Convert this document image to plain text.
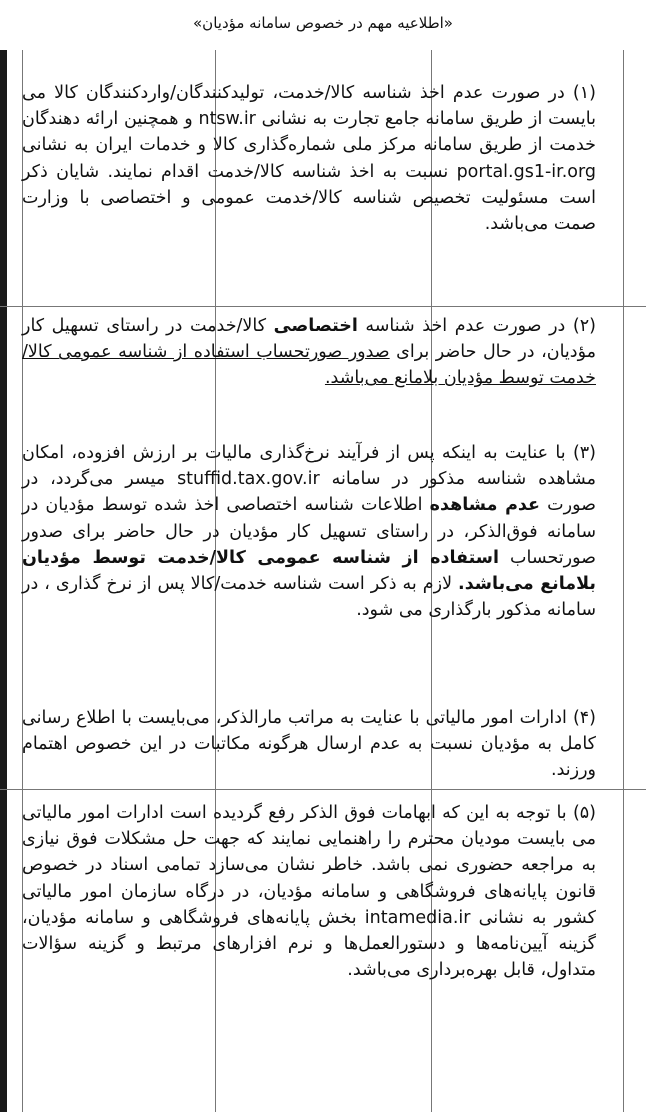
«اطلاعیه مهم در خصوص سامانه مؤدیان»
(۱) در صورت عدم اخذ شناسه کالا/خدمت، تولیدکنندگان/واردکنندگان کالا می بایست از طریق سامانه جامع تجارت به نشانی ntsw.ir و همچنین ارائه دهندگان خدمت از طریق سامانه مرکز ملی شماره‌گذاری کالا و خدمات ایران به نشانی portal.gs1-ir.org نسبت به اخذ شناسه کالا/خدمت اقدام نمایند. شایان ذکر است مسئولیت تخصیص شناسه کالا/خدمت عمومی و اختصاصی با وزارت صمت می‌باشد.
(۲) در صورت عدم اخذ شناسه اختصاصی کالا/خدمت در راستای تسهیل کار مؤدیان، در حال حاضر برای صدور صورتحساب استفاده از شناسه عمومی کالا/خدمت توسط مؤدیان بلامانع می‌باشد.
(۳) با عنایت به اینکه پس از فرآیند نرخ‌گذاری مالیات بر ارزش افزوده، امکان مشاهده شناسه مذکور در سامانه stuffid.tax.gov.ir میسر می‌گردد، در صورت عدم مشاهده اطلاعات شناسه اختصاصی اخذ شده توسط مؤدیان در سامانه فوق‌الذکر، در راستای تسهیل کار مؤدیان در حال حاضر برای صدور صورتحساب استفاده از شناسه عمومی کالا/خدمت توسط مؤدیان بلامانع می‌باشد. لازم به ذکر است شناسه خدمت/کالا پس از نرخ گذاری ، در سامانه مذکور بارگذاری می شود.
(۴) ادارات امور مالیاتی با عنایت به مراتب مارالذکر، می‌بایست با اطلاع رسانی کامل به مؤدیان نسبت به عدم ارسال هرگونه مکاتبات در این خصوص اهتمام ورزند.
(۵) با توجه به این که ابهامات فوق الذکر رفع گردیده است ادارات امور مالیاتی می بایست مودیان محترم را راهنمایی نمایند که جهت حل مشکلات فوق نیازی به مراجعه حضوری نمی باشد. خاطر نشان می‌سازد تمامی اسناد در خصوص قانون پایانه‌های فروشگاهی و سامانه مؤدیان، در درگاه سازمان امور مالیاتی کشور به نشانی intamedia.ir بخش پایانه‌های فروشگاهی و سامانه مؤدیان، گزینه آیین‌نامه‌ها و دستورالعمل‌ها و نرم افزارهای مرتبط و گزینه سؤالات متداول، قابل بهره‌برداری می‌باشد.
